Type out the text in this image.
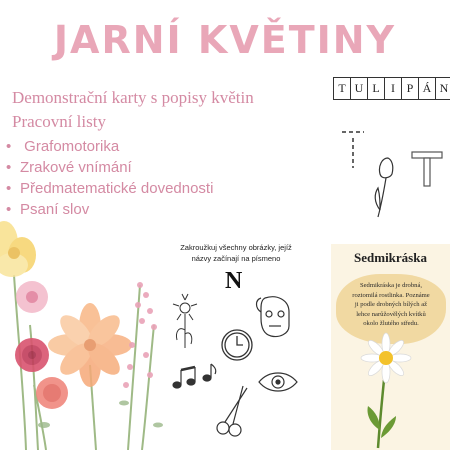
JARNÍ KVĚTINY
Demonstrační karty s popisy květin
Pracovní listy
• Grafomotorika
•Zrakové vnímání
•Předmatematické dovednosti
•Psaní slov
T U L I P Á N
Zakroužkuj všechny obrázky, jejíž
názvy začínají na písmeno
N
Sedmikráska
Sedmikráska je drobná,
roztomilá rostlinka. Poznáme
ji podle drobných bílých až
lehce narůžovělých kvítků
okolo žlutého středu.
